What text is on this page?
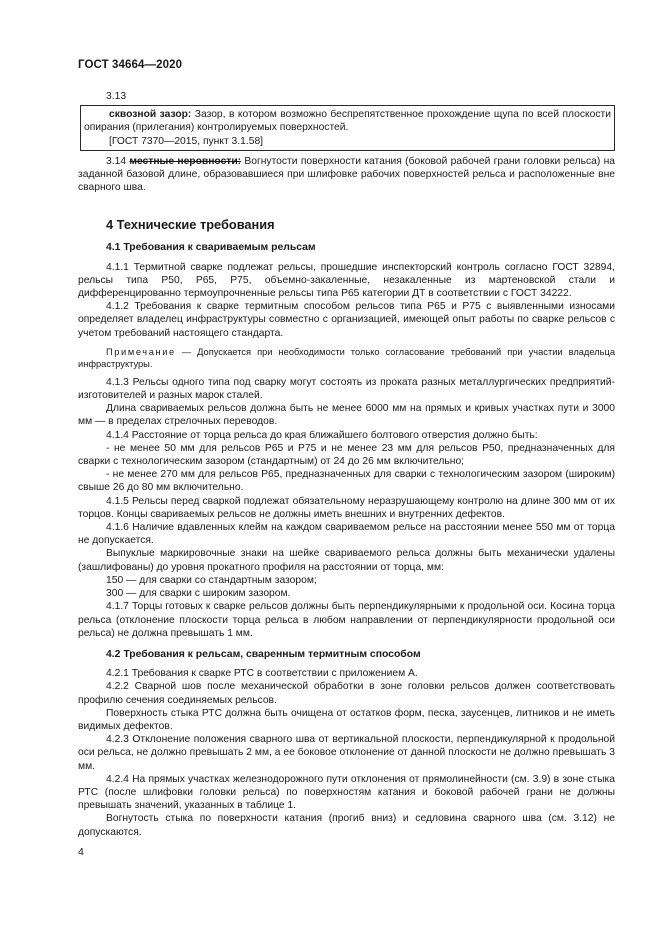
ГОСТ 34664—2020

3.13

сквозной зазор: Зазор, в котором возможно беспрепятственное прохождение щупа по всей плоскости опирания (прилегания) контролируемых поверхностей.

[ГОСТ 7370—2015, пункт 3.1.58]

3.14 местные неровности: Вогнутости поверхности катания (боковой рабочей грани головки рельса) на заданной базовой длине, образовавшиеся при шлифовке рабочих поверхностей рельса и расположенные вне сварного шва.

4 Технические требования
4.1 Требования к свариваемым рельсам

4.1.1 Термитной сварке подлежат рельсы, прошедшие инспекторский контроль согласно ГОСТ 32894, рельсы типа Р50, Р65, Р75, объемно-закаленные, незакаленные из мартеновской стали и дифференцированно термоупрочненные рельсы типа Р65 категории ДТ в соответствии с ГОСТ 34222.

4.1.2 Требования к сварке термитным способом рельсов типа Р65 и Р75 с выявленными износами определяет владелец инфраструктуры совместно с организацией, имеющей опыт работы по сварке рельсов с учетом требований настоящего стандарта.

Примечание — Допускается при необходимости только согласование требований при участии владельца инфраструктуры.

4.1.3 Рельсы одного типа под сварку могут состоять из проката разных металлургических предприятий-изготовителей и разных марок сталей.

Длина свариваемых рельсов должна быть не менее 6000 мм на прямых и кривых участках пути и 3000 мм — в пределах стрелочных переводов.

4.1.4 Расстояние от торца рельса до края ближайшего болтового отверстия должно быть:

- не менее 50 мм для рельсов Р65 и Р75 и не менее 23 мм для рельсов Р50, предназначенных для сварки с технологическим зазором (стандартным) от 24 до 26 мм включительно;

- не менее 270 мм для рельсов Р65, предназначенных для сварки с технологическим зазором (широким) свыше 26 до 80 мм включительно.

4.1.5 Рельсы перед сваркой подлежат обязательному неразрушающему контролю на длине 300 мм от их торцов. Концы свариваемых рельсов не должны иметь внешних и внутренних дефектов.

4.1.6 Наличие вдавленных клейм на каждом свариваемом рельсе на расстоянии менее 550 мм от торца не допускается.

Выпуклые маркировочные знаки на шейке свариваемого рельса должны быть механически удалены (зашлифованы) до уровня прокатного профиля на расстоянии от торца, мм:

150 — для сварки со стандартным зазором;

300 — для сварки с широким зазором.

4.1.7 Торцы готовых к сварке рельсов должны быть перпендикулярными к продольной оси. Косина торца рельса (отклонение плоскости торца рельса в любом направлении от перпендикулярности продольной оси рельса) не должна превышать 1 мм.

4.2 Требования к рельсам, сваренным термитным способом

4.2.1 Требования к сварке РТС в соответствии с приложением А.

4.2.2 Сварной шов после механической обработки в зоне головки рельсов должен соответствовать профилю сечения соединяемых рельсов.

Поверхность стыка РТС должна быть очищена от остатков форм, песка, заусенцев, литников и не иметь видимых дефектов.

4.2.3 Отклонение положения сварного шва от вертикальной плоскости, перпендикулярной к продольной оси рельса, не должно превышать 2 мм, а ее боковое отклонение от данной плоскости не должно превышать 3 мм.

4.2.4 На прямых участках железнодорожного пути отклонения от прямолинейности (см. 3.9) в зоне стыка РТС (после шлифовки головки рельса) по поверхностям катания и боковой рабочей грани не должны превышать значений, указанных в таблице 1.

Вогнутость стыка по поверхности катания (прогиб вниз) и седловина сварного шва (см. 3.12) не допускаются.

4
